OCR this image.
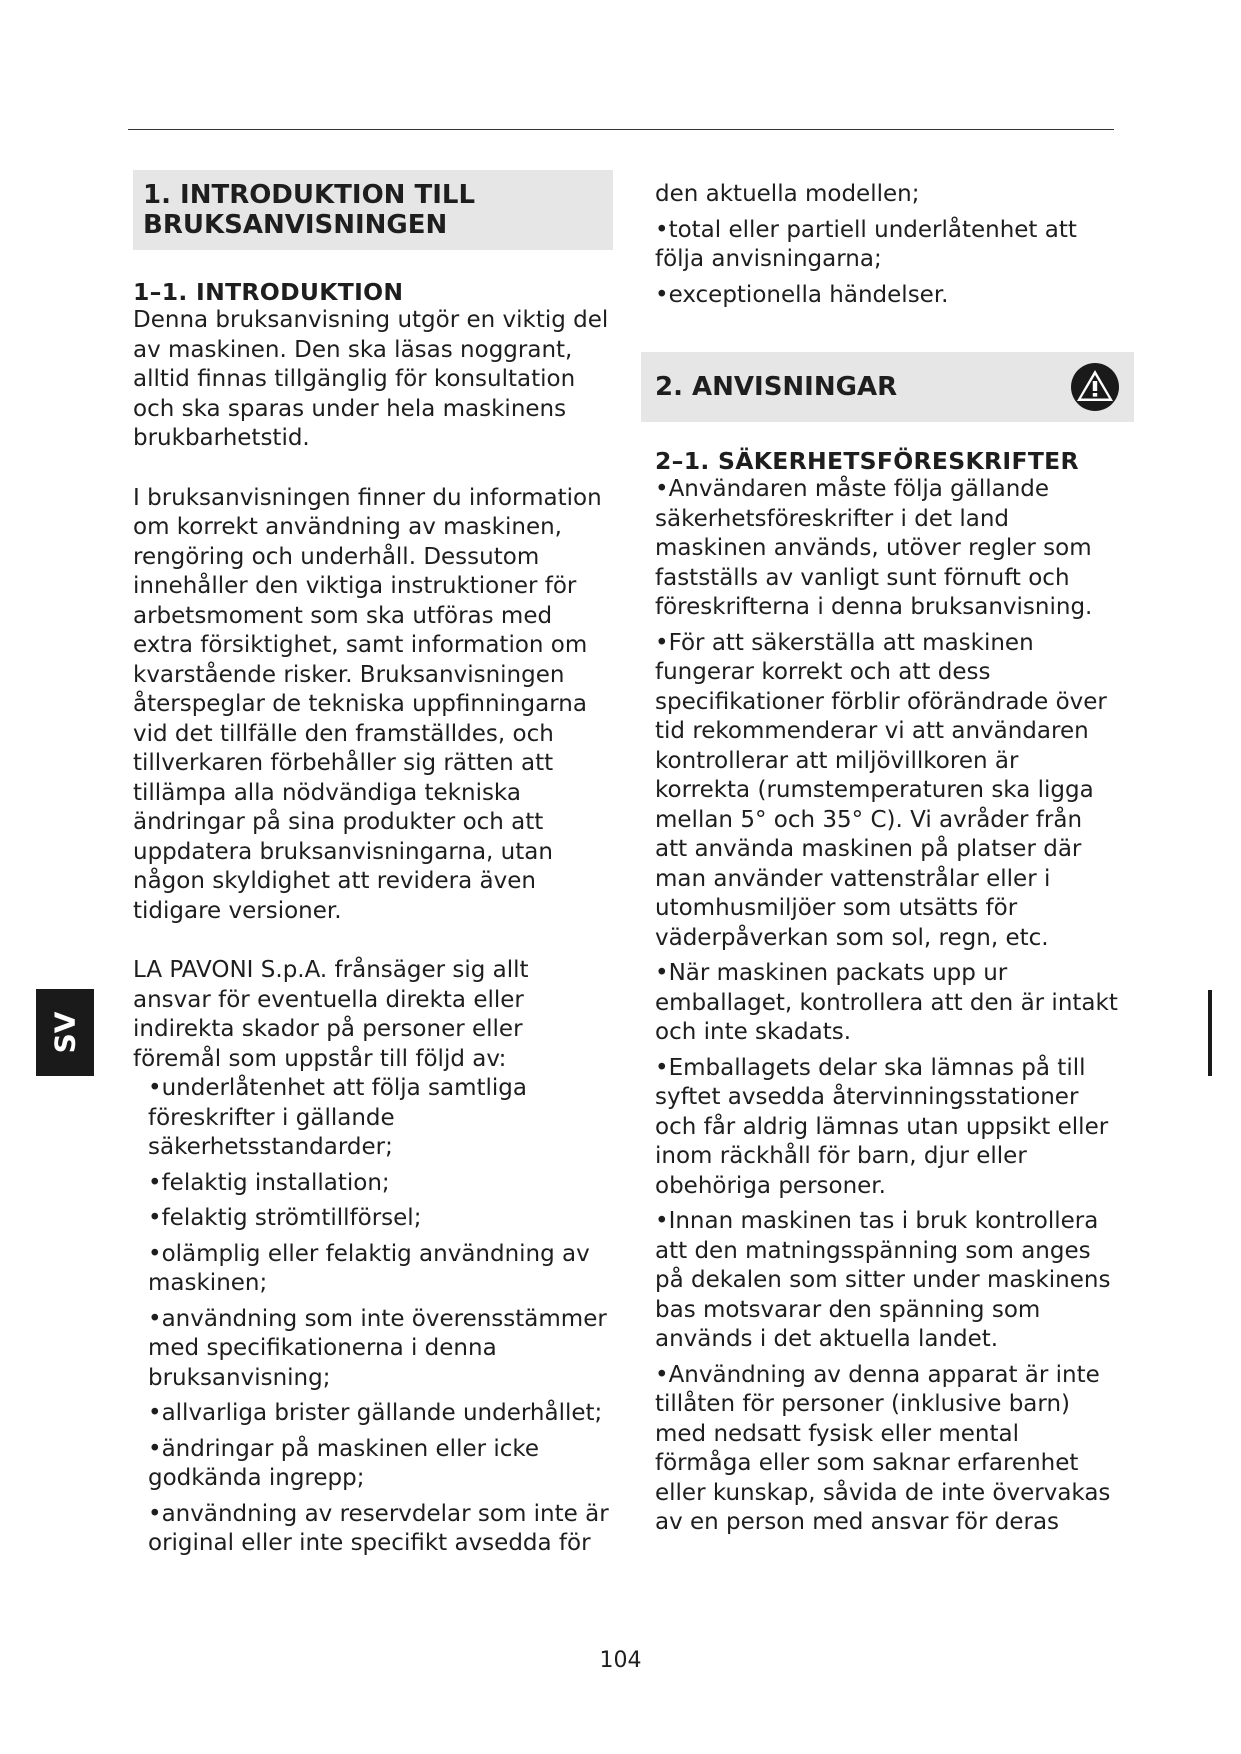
1. INTRODUKTION TILL BRUKSANVISNINGEN
1–1. INTRODUKTION

Denna bruksanvisning utgör en viktig del av maskinen. Den ska läsas noggrant, alltid finnas tillgänglig för konsultation och ska sparas under hela maskinens brukbarhetstid.

I bruksanvisningen finner du information om korrekt användning av maskinen, rengöring och underhåll. Dessutom innehåller den viktiga instruktioner för arbetsmoment som ska utföras med extra försiktighet, samt information om kvarstående risker. Bruksanvisningen återspeglar de tekniska uppfinningarna vid det tillfälle den framställdes, och tillverkaren förbehåller sig rätten att tillämpa alla nödvändiga tekniska ändringar på sina produkter och att uppdatera bruksanvisningarna, utan någon skyldighet att revidera även tidigare versioner.

LA PAVONI S.p.A. frånsäger sig allt ansvar för eventuella direkta eller indirekta skador på personer eller föremål som uppstår till följd av:

•underlåtenhet att följa samtliga föreskrifter i gällande säkerhetsstandarder;
•felaktig installation;
•felaktig strömtillförsel;
•olämplig eller felaktig användning av maskinen;
•användning som inte överensstämmer med specifikationerna i denna bruksanvisning;
•allvarliga brister gällande underhållet;
•ändringar på maskinen eller icke godkända ingrepp;
•användning av reservdelar som inte är original eller inte specifikt avsedda för
den aktuella modellen;
•total eller partiell underlåtenhet att följa anvisningarna;
•exceptionella händelser.
2. ANVISNINGAR
2–1. SÄKERHETSFÖRESKRIFTER
•Användaren måste följa gällande säkerhetsföreskrifter i det land maskinen används, utöver regler som fastställs av vanligt sunt förnuft och föreskrifterna i denna bruksanvisning.
•För att säkerställa att maskinen fungerar korrekt och att dess specifikationer förblir oförändrade över tid rekommenderar vi att användaren kontrollerar att miljövillkoren är korrekta (rumstemperaturen ska ligga mellan 5° och 35° C). Vi avråder från att använda maskinen på platser där man använder vattenstrålar eller i utomhusmiljöer som utsätts för väderpåverkan som sol, regn, etc.
•När maskinen packats upp ur emballaget, kontrollera att den är intakt och inte skadats.
•Emballagets delar ska lämnas på till syftet avsedda återvinningsstationer och får aldrig lämnas utan uppsikt eller inom räckhåll för barn, djur eller obehöriga personer.
•Innan maskinen tas i bruk kontrollera att den matningsspänning som anges på dekalen som sitter under maskinens bas motsvarar den spänning som används i det aktuella landet.
•Användning av denna apparat är inte tillåten för personer (inklusive barn) med nedsatt fysisk eller mental förmåga eller som saknar erfarenhet eller kunskap, såvida de inte övervakas av en person med ansvar för deras
SV
104
